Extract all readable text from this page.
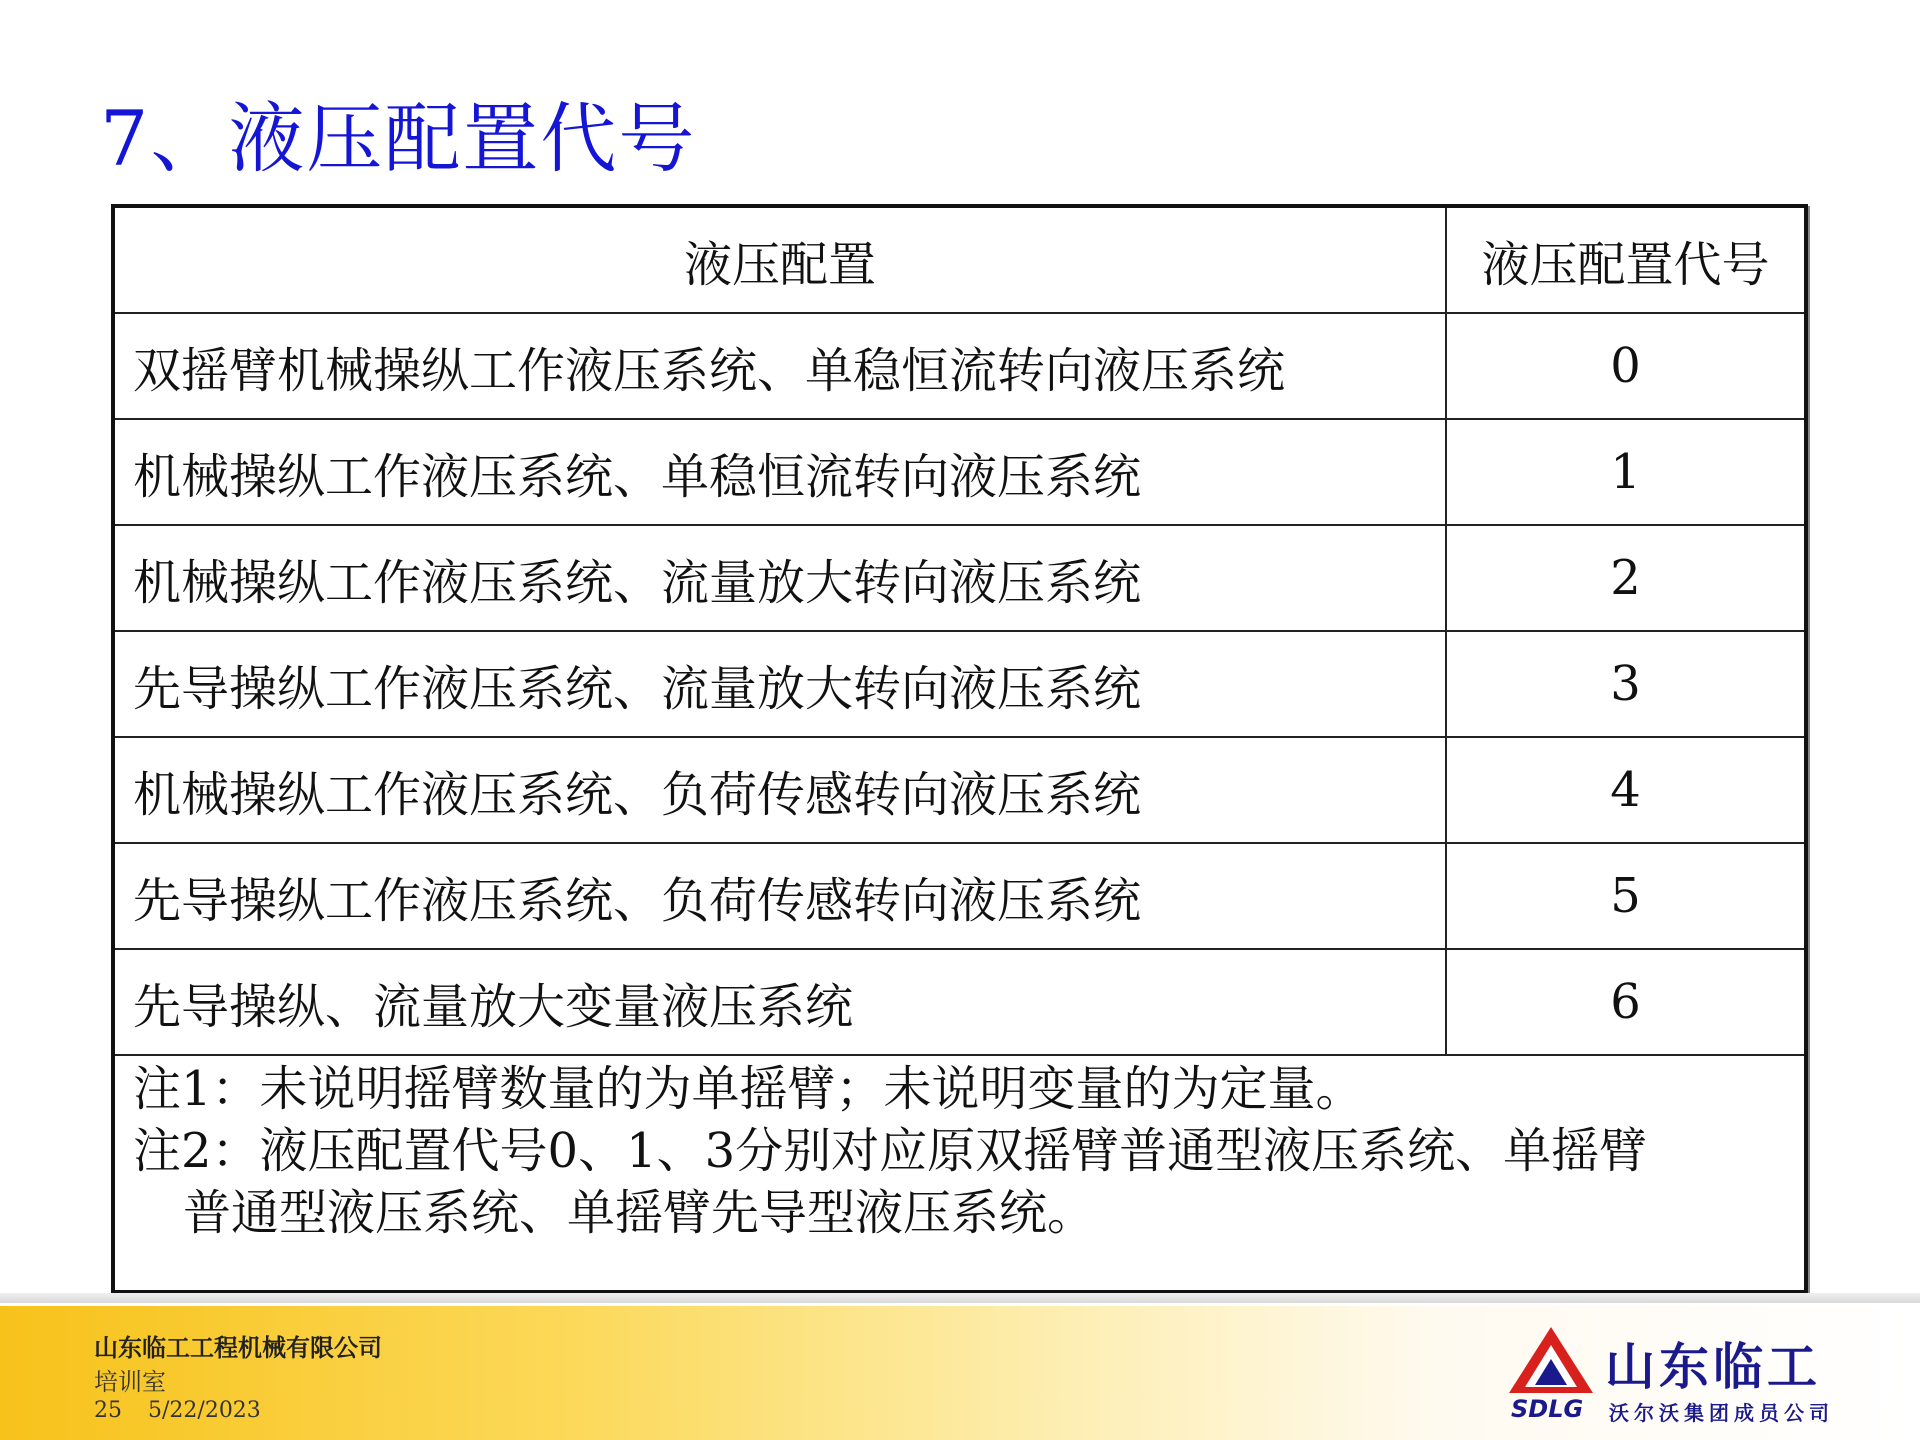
7、液压配置代号
液压配置	液压配置代号
双摇臂机械操纵工作液压系统、单稳恒流转向液压系统	0
机械操纵工作液压系统、单稳恒流转向液压系统	1
机械操纵工作液压系统、流量放大转向液压系统	2
先导操纵工作液压系统、流量放大转向液压系统	3
机械操纵工作液压系统、负荷传感转向液压系统	4
先导操纵工作液压系统、负荷传感转向液压系统	5
先导操纵、流量放大变量液压系统	6
注1：未说明摇臂数量的为单摇臂；未说明变量的为定量。
注2：液压配置代号0、1、3分别对应原双摇臂普通型液压系统、单摇臂
普通型液压系统、单摇臂先导型液压系统。
山东临工工程机械有限公司
培训室
25 5/22/2023
山东临工
SDLG 沃尔沃集团成员公司
